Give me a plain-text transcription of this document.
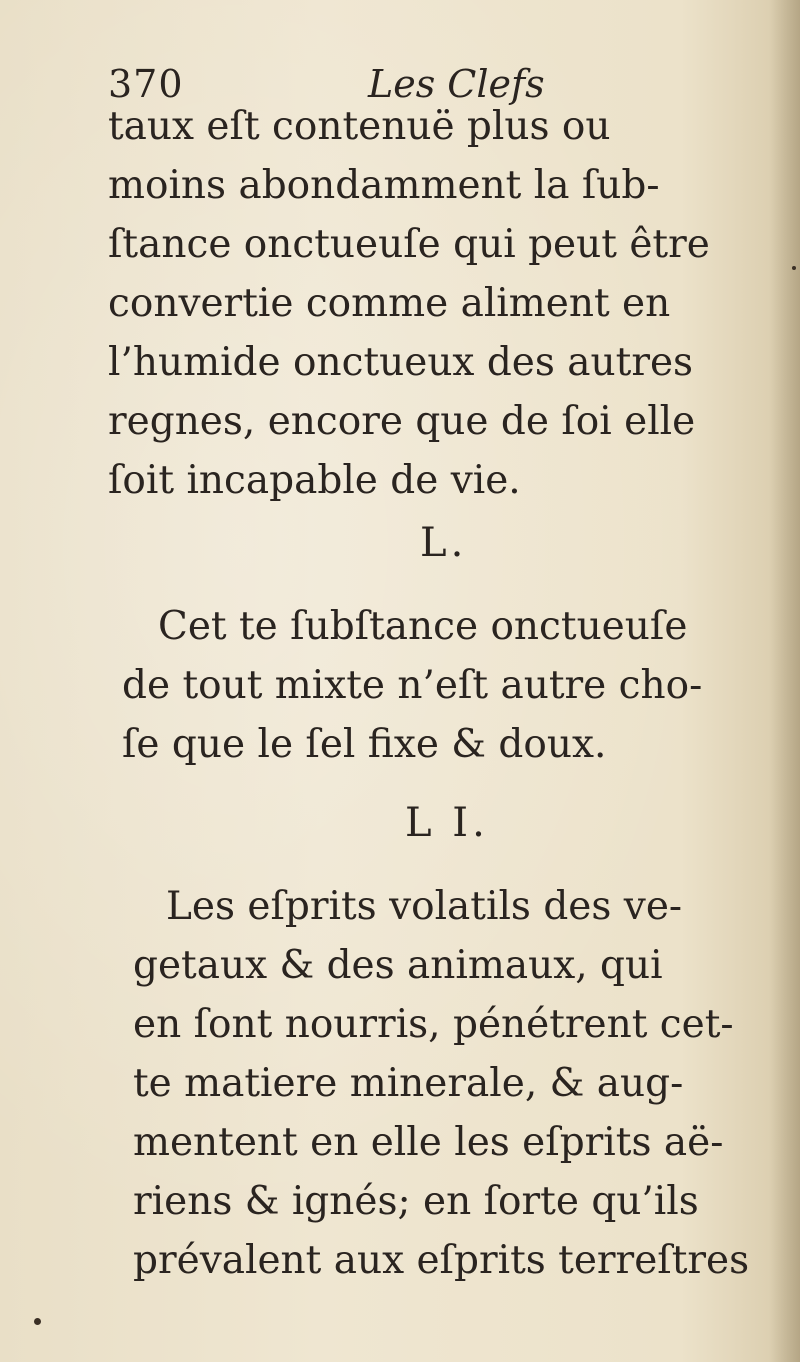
370	Les Clefs
taux eſt contenuë plus ou
moins abondamment la ſub-
ſtance onctueuſe qui peut être
convertie comme aliment en
l’humide onctueux des autres
regnes, encore que de ſoi elle
ſoit incapable de vie.
L.
Cet te ſubſtance onctueuſe
de tout mixte n’eſt autre cho-
ſe que le ſel fixe & doux.
L I.
Les eſprits volatils des ve-
getaux & des animaux, qui
en ſont nourris, pénétrent cet-
te matiere minerale, & aug-
mentent en elle les eſprits aë-
riens & ignés; en ſorte qu’ils
prévalent aux eſprits terreſtres
